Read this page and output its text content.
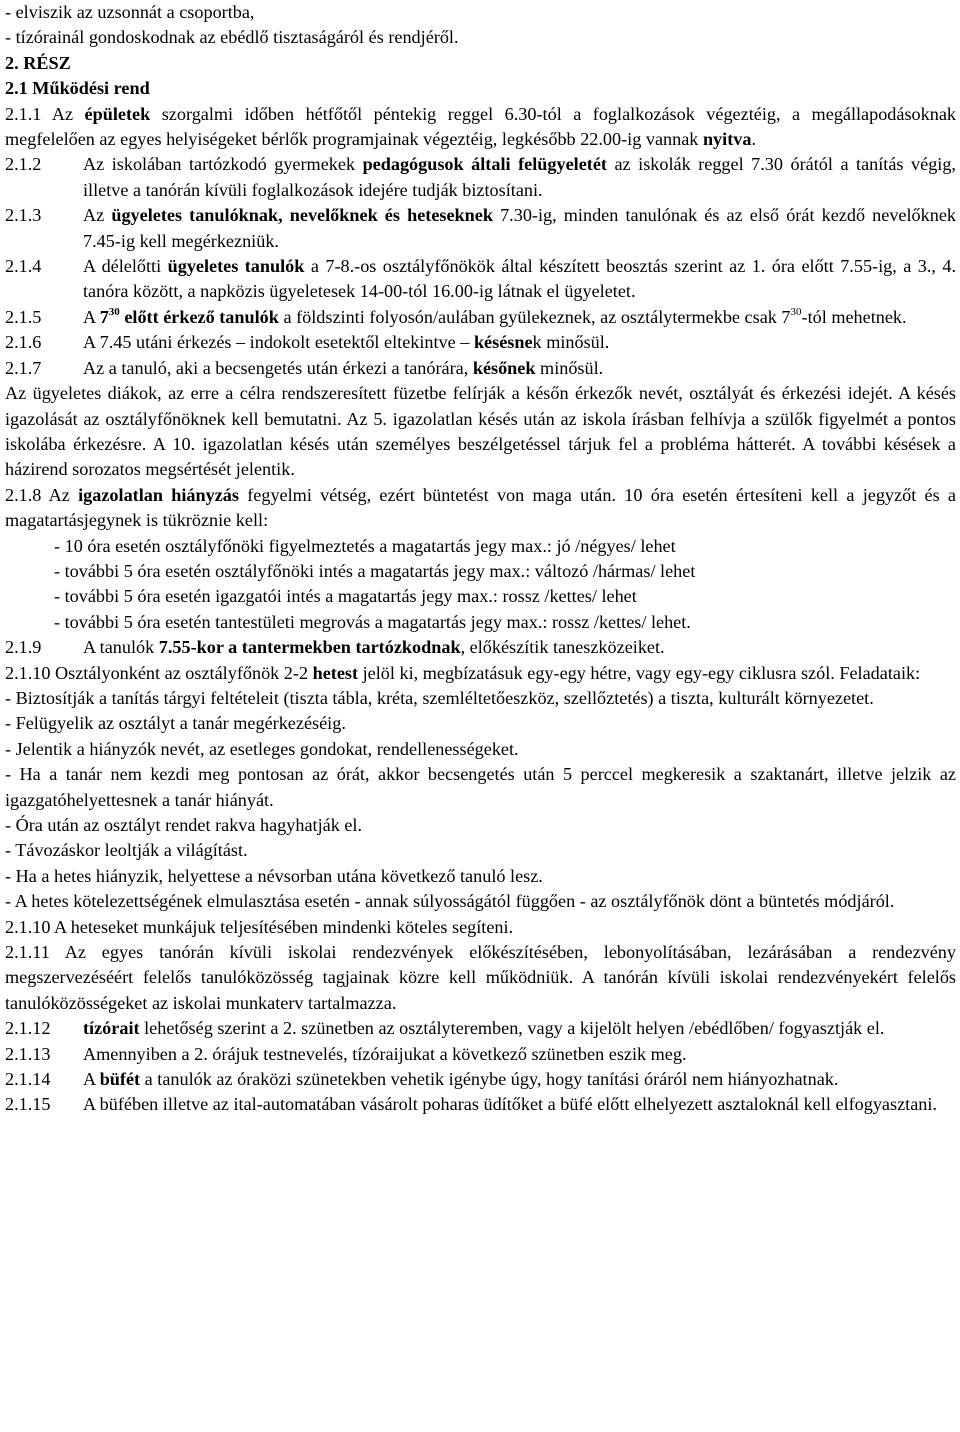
- elviszik az uzsonnát a csoportba,

- tízórainál gondoskodnak az ebédlő tisztaságáról és rendjéről.

2. RÉSZ

2.1 Működési rend

2.1.1 Az épületek szorgalmi időben hétfőtől péntekig reggel 6.30-tól a foglalkozások végeztéig, a megállapodásoknak megfelelően az egyes helyiségeket bérlők programjainak végeztéig, legkésőbb 22.00-ig vannak nyitva.

2.1.2	Az iskolában tartózkodó gyermekek pedagógusok általi felügyeletét az iskolák reggel 7.30 órától a tanítás végig, illetve a tanórán kívüli foglalkozások idejére tudják biztosítani.
2.1.3	Az ügyeletes tanulóknak, nevelőknek és heteseknek 7.30-ig, minden tanulónak és az első órát kezdő nevelőknek 7.45-ig kell megérkezniük.
2.1.4	A délelőtti ügyeletes tanulók a 7-8.-os osztályfőnökök által készített beosztás szerint az 1. óra előtt 7.55-ig, a 3., 4. tanóra között, a napközis ügyeletesek 14-00-tól 16.00-ig látnak el ügyeletet.
2.1.5	A $7^{30}$ előtt érkező tanulók a földszinti folyosón/aulában gyülekeznek, az osztálytermekbe csak $7^{30}$-tól mehetnek.
2.1.6	A 7.45 utáni érkezés – indokolt esetektől eltekintve – késésnek minősül.
2.1.7	Az a tanuló, aki a becsengetés után érkezi a tanórára, későnek minősül.

Az ügyeletes diákok, az erre a célra rendszeresített füzetbe felírják a későn érkezők nevét, osztályát és érkezési idejét. A késés igazolását az osztályfőnöknek kell bemutatni. Az 5. igazolatlan késés után az iskola írásban felhívja a szülők figyelmét a pontos iskolába érkezésre. A 10. igazolatlan késés után személyes beszélgetéssel tárjuk fel a probléma hátterét. A további késések a házirend sorozatos megsértését jelentik.

2.1.8 Az igazolatlan hiányzás fegyelmi vétség, ezért büntetést von maga után. 10 óra esetén értesíteni kell a jegyzőt és a magatartásjegynek is tükröznie kell:

- 10 óra esetén osztályfőnöki figyelmeztetés a magatartás jegy max.: jó /négyes/ lehet

- további 5 óra esetén osztályfőnöki intés a magatartás jegy max.: változó /hármas/ lehet

- további 5 óra esetén igazgatói intés a magatartás jegy max.: rossz /kettes/ lehet

- további 5 óra esetén tantestületi megrovás a magatartás jegy max.: rossz /kettes/ lehet.

2.1.9	A tanulók 7.55-kor a tantermekben tartózkodnak, előkészítik taneszközeiket.

2.1.10 Osztályonként az osztályfőnök 2-2 hetest jelöl ki, megbízatásuk egy-egy hétre, vagy egy-egy ciklusra szól. Feladataik:

- Biztosítják a tanítás tárgyi feltételeit (tiszta tábla, kréta, szemléltetőeszköz, szellőztetés) a tiszta, kulturált környezetet.

- Felügyelik az osztályt a tanár megérkezéséig.

- Jelentik a hiányzók nevét, az esetleges gondokat, rendellenességeket.

- Ha a tanár nem kezdi meg pontosan az órát, akkor becsengetés után 5 perccel megkeresik a szaktanárt, illetve jelzik az igazgatóhelyettesnek a tanár hiányát.

- Óra után az osztályt rendet rakva hagyhatják el.

- Távozáskor leoltják a világítást.

- Ha a hetes hiányzik, helyettese a névsorban utána következő tanuló lesz.

- A hetes kötelezettségének elmulasztása esetén - annak súlyosságától függően - az osztályfőnök dönt a büntetés módjáról.

2.1.10 A heteseket munkájuk teljesítésében mindenki köteles segíteni.

2.1.11 Az egyes tanórán kívüli iskolai rendezvények előkészítésében, lebonyolításában, lezárásában a rendezvény megszervezéséért felelős tanulóközösség tagjainak közre kell működniük. A tanórán kívüli iskolai rendezvényekért felelős tanulóközösségeket az iskolai munkaterv tartalmazza.

2.1.12	tízórait lehetőség szerint a 2. szünetben az osztályteremben, vagy a kijelölt helyen /ebédlőben/ fogyasztják el.
2.1.13	Amennyiben a 2. órájuk testnevelés, tízóraijukat a következő szünetben eszik meg.
2.1.14	A büfét a tanulók az óraközi szünetekben vehetik igénybe úgy, hogy tanítási óráról nem hiányozhatnak.
2.1.15	A büfében illetve az ital-automatában vásárolt poharas üdítőket a büfé előtt elhelyezett asztaloknál kell elfogyasztani.
